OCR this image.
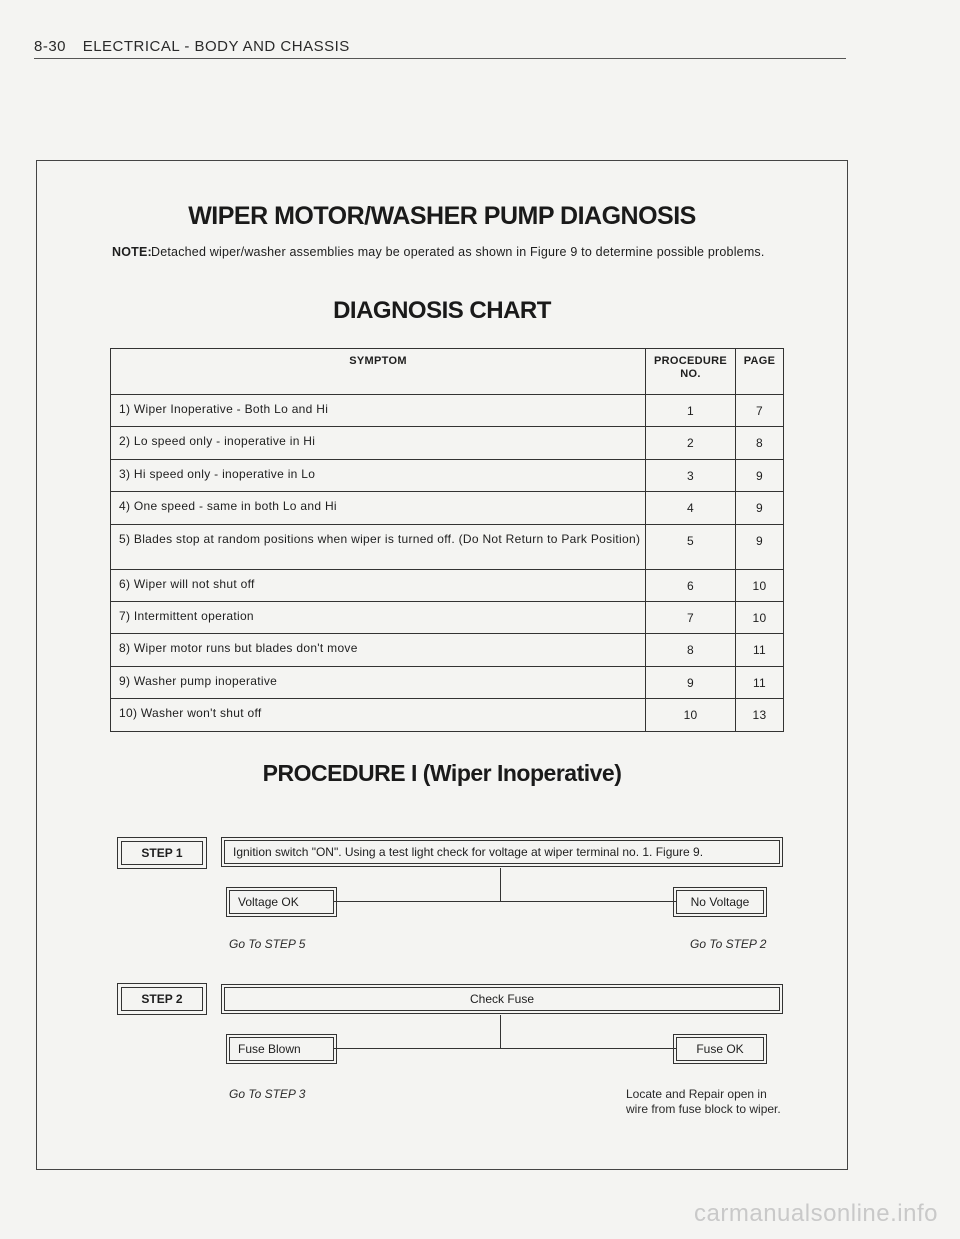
8-30 ELECTRICAL - BODY AND CHASSIS
WIPER MOTOR/WASHER PUMP DIAGNOSIS
NOTE: Detached wiper/washer assemblies may be operated as shown in Figure 9 to determine possible problems.
DIAGNOSIS CHART
SYMPTOM	PROCEDURE NO.	PAGE
1) Wiper Inoperative - Both Lo and Hi	1	7
2) Lo speed only - inoperative in Hi	2	8
3) Hi speed only - inoperative in Lo	3	9
4) One speed - same in both Lo and Hi	4	9
5) Blades stop at random positions when wiper is turned off. (Do Not Return to Park Position)	5	9
6) Wiper will not shut off	6	10
7) Intermittent operation	7	10
8) Wiper motor runs but blades don't move	8	11
9) Washer pump inoperative	9	11
10) Washer won't shut off	10	13
PROCEDURE I (Wiper Inoperative)
STEP 1	Ignition switch "ON". Using a test light check for voltage at wiper terminal no. 1. Figure 9.
Voltage OK	No Voltage
Go To STEP 5	Go To STEP 2
STEP 2	Check Fuse
Fuse Blown	Fuse OK
Go To STEP 3	Locate and Repair open in wire from fuse block to wiper.
carmanualsonline.info
